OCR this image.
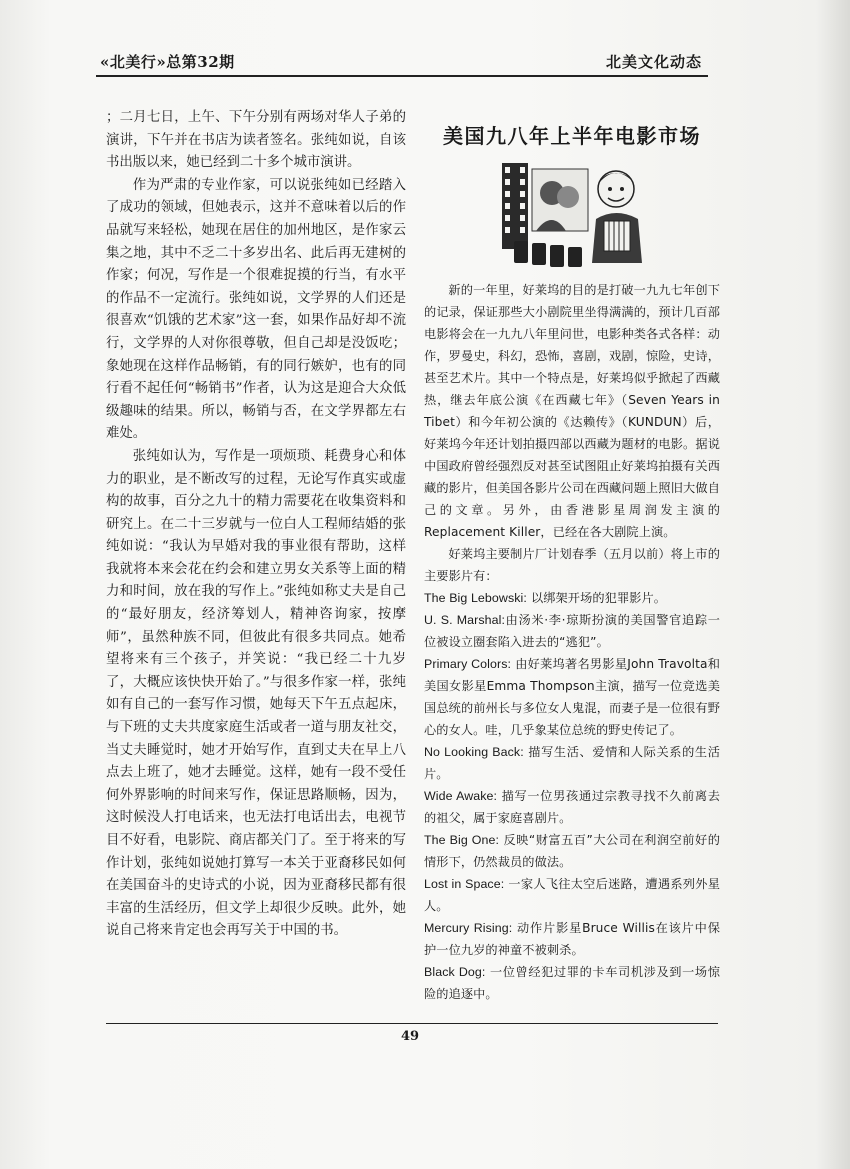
«北美行»总第32期	北美文化动态

；二月七日，上午、下午分别有两场对华人子弟的演讲，下午并在书店为读者签名。张纯如说，自该书出版以来，她已经到二十多个城市演讲。

作为严肃的专业作家，可以说张纯如已经踏入了成功的领域，但她表示，这并不意味着以后的作品就写来轻松，她现在居住的加州地区，是作家云集之地，其中不乏二十多岁出名、此后再无建树的作家；何况，写作是一个很难捉摸的行当，有水平的作品不一定流行。张纯如说，文学界的人们还是很喜欢“饥饿的艺术家”这一套，如果作品好却不流行，文学界的人对你很尊敬，但自己却是没饭吃；象她现在这样作品畅销，有的同行嫉妒，也有的同行看不起任何“畅销书”作者，认为这是迎合大众低级趣味的结果。所以，畅销与否，在文学界都左右难处。

张纯如认为，写作是一项烦琐、耗费身心和体力的职业，是不断改写的过程，无论写作真实或虚构的故事，百分之九十的精力需要花在收集资料和研究上。在二十三岁就与一位白人工程师结婚的张纯如说：“我认为早婚对我的事业很有帮助，这样我就将本来会花在约会和建立男女关系等上面的精力和时间，放在我的写作上。”张纯如称丈夫是自己的“最好朋友，经济筹划人，精神咨询家，按摩师”，虽然种族不同，但彼此有很多共同点。她希望将来有三个孩子，并笑说：“我已经二十九岁了，大概应该快快开始了。”与很多作家一样，张纯如有自己的一套写作习惯，她每天下午五点起床，与下班的丈夫共度家庭生活或者一道与朋友社交，当丈夫睡觉时，她才开始写作，直到丈夫在早上八点去上班了，她才去睡觉。这样，她有一段不受任何外界影响的时间来写作，保证思路顺畅，因为，这时候没人打电话来，也无法打电话出去，电视节目不好看，电影院、商店都关门了。至于将来的写作计划，张纯如说她打算写一本关于亚裔移民如何在美国奋斗的史诗式的小说，因为亚裔移民都有很丰富的生活经历，但文学上却很少反映。此外，她说自己将来肯定也会再写关于中国的书。

美国九八年上半年电影市场

新的一年里，好莱坞的目的是打破一九九七年创下的记录，保证那些大小剧院里坐得满满的，预计几百部电影将会在一九九八年里问世，电影种类各式各样：动作，罗曼史，科幻，恐怖，喜剧，戏剧，惊险，史诗，甚至艺术片。其中一个特点是，好莱坞似乎掀起了西藏热，继去年底公演《在西藏七年》（Seven Years in Tibet）和今年初公演的《达赖传》（KUNDUN）后，好莱坞今年还计划拍摄四部以西藏为题材的电影。据说中国政府曾经强烈反对甚至试图阻止好莱坞拍摄有关西藏的影片，但美国各影片公司在西藏问题上照旧大做自己的文章。另外，由香港影星周润发主演的Replacement Killer，已经在各大剧院上演。

好莱坞主要制片厂计划春季（五月以前）将上市的主要影片有：

The Big Lebowski: 以绑架开场的犯罪影片。
U. S. Marshal:由汤米·李·琼斯扮演的美国警官追踪一位被设立圈套陷入进去的“逃犯”。
Primary Colors: 由好莱坞著名男影星John Travolta和美国女影星Emma Thompson主演，描写一位竞选美国总统的前州长与多位女人鬼混，而妻子是一位很有野心的女人。哇，几乎象某位总统的野史传记了。
No Looking Back: 描写生活、爱情和人际关系的生活片。
Wide Awake: 描写一位男孩通过宗教寻找不久前离去的祖父，属于家庭喜剧片。
The Big One: 反映“财富五百”大公司在利润空前好的情形下，仍然裁员的做法。
Lost in Space: 一家人飞往太空后迷路，遭遇系列外星人。
Mercury Rising: 动作片影星Bruce Willis在该片中保护一位九岁的神童不被刺杀。
Black Dog: 一位曾经犯过罪的卡车司机涉及到一场惊险的追逐中。
49
